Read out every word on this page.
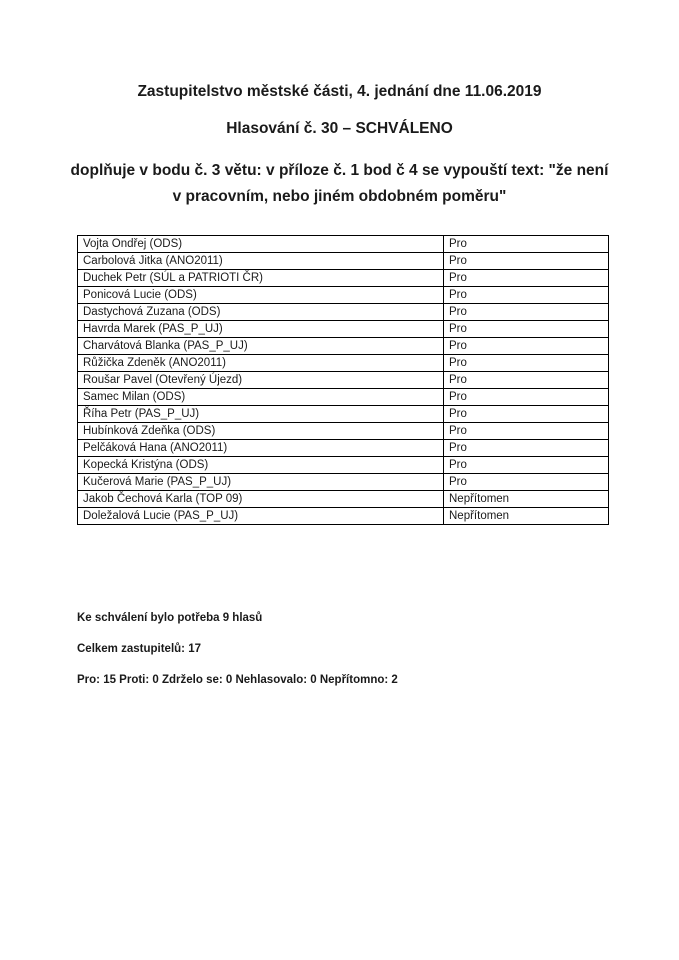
Zastupitelstvo městské části, 4. jednání dne 11.06.2019
Hlasování č. 30 – SCHVÁLENO
doplňuje v bodu č. 3 větu: v příloze č. 1 bod č 4 se vypouští text: "že není v pracovním, nebo jiném obdobném poměru"
Vojta Ondřej (ODS)	Pro
Carbolová Jitka (ANO2011)	Pro
Duchek Petr (SÚL a PATRIOTI ČR)	Pro
Ponicová Lucie (ODS)	Pro
Dastychová Zuzana (ODS)	Pro
Havrda Marek (PAS_P_UJ)	Pro
Charvátová Blanka (PAS_P_UJ)	Pro
Růžička Zdeněk (ANO2011)	Pro
Roušar Pavel (Otevřený Újezd)	Pro
Samec Milan (ODS)	Pro
Říha Petr (PAS_P_UJ)	Pro
Hubínková Zdeňka (ODS)	Pro
Pelčáková Hana (ANO2011)	Pro
Kopecká Kristýna (ODS)	Pro
Kučerová Marie (PAS_P_UJ)	Pro
Jakob Čechová Karla (TOP 09)	Nepřítomen
Doležalová Lucie (PAS_P_UJ)	Nepřítomen

Ke schválení bylo potřeba 9 hlasů

Celkem zastupitelů: 17

Pro: 15 Proti: 0 Zdrželo se: 0 Nehlasovalo: 0 Nepřítomno: 2
